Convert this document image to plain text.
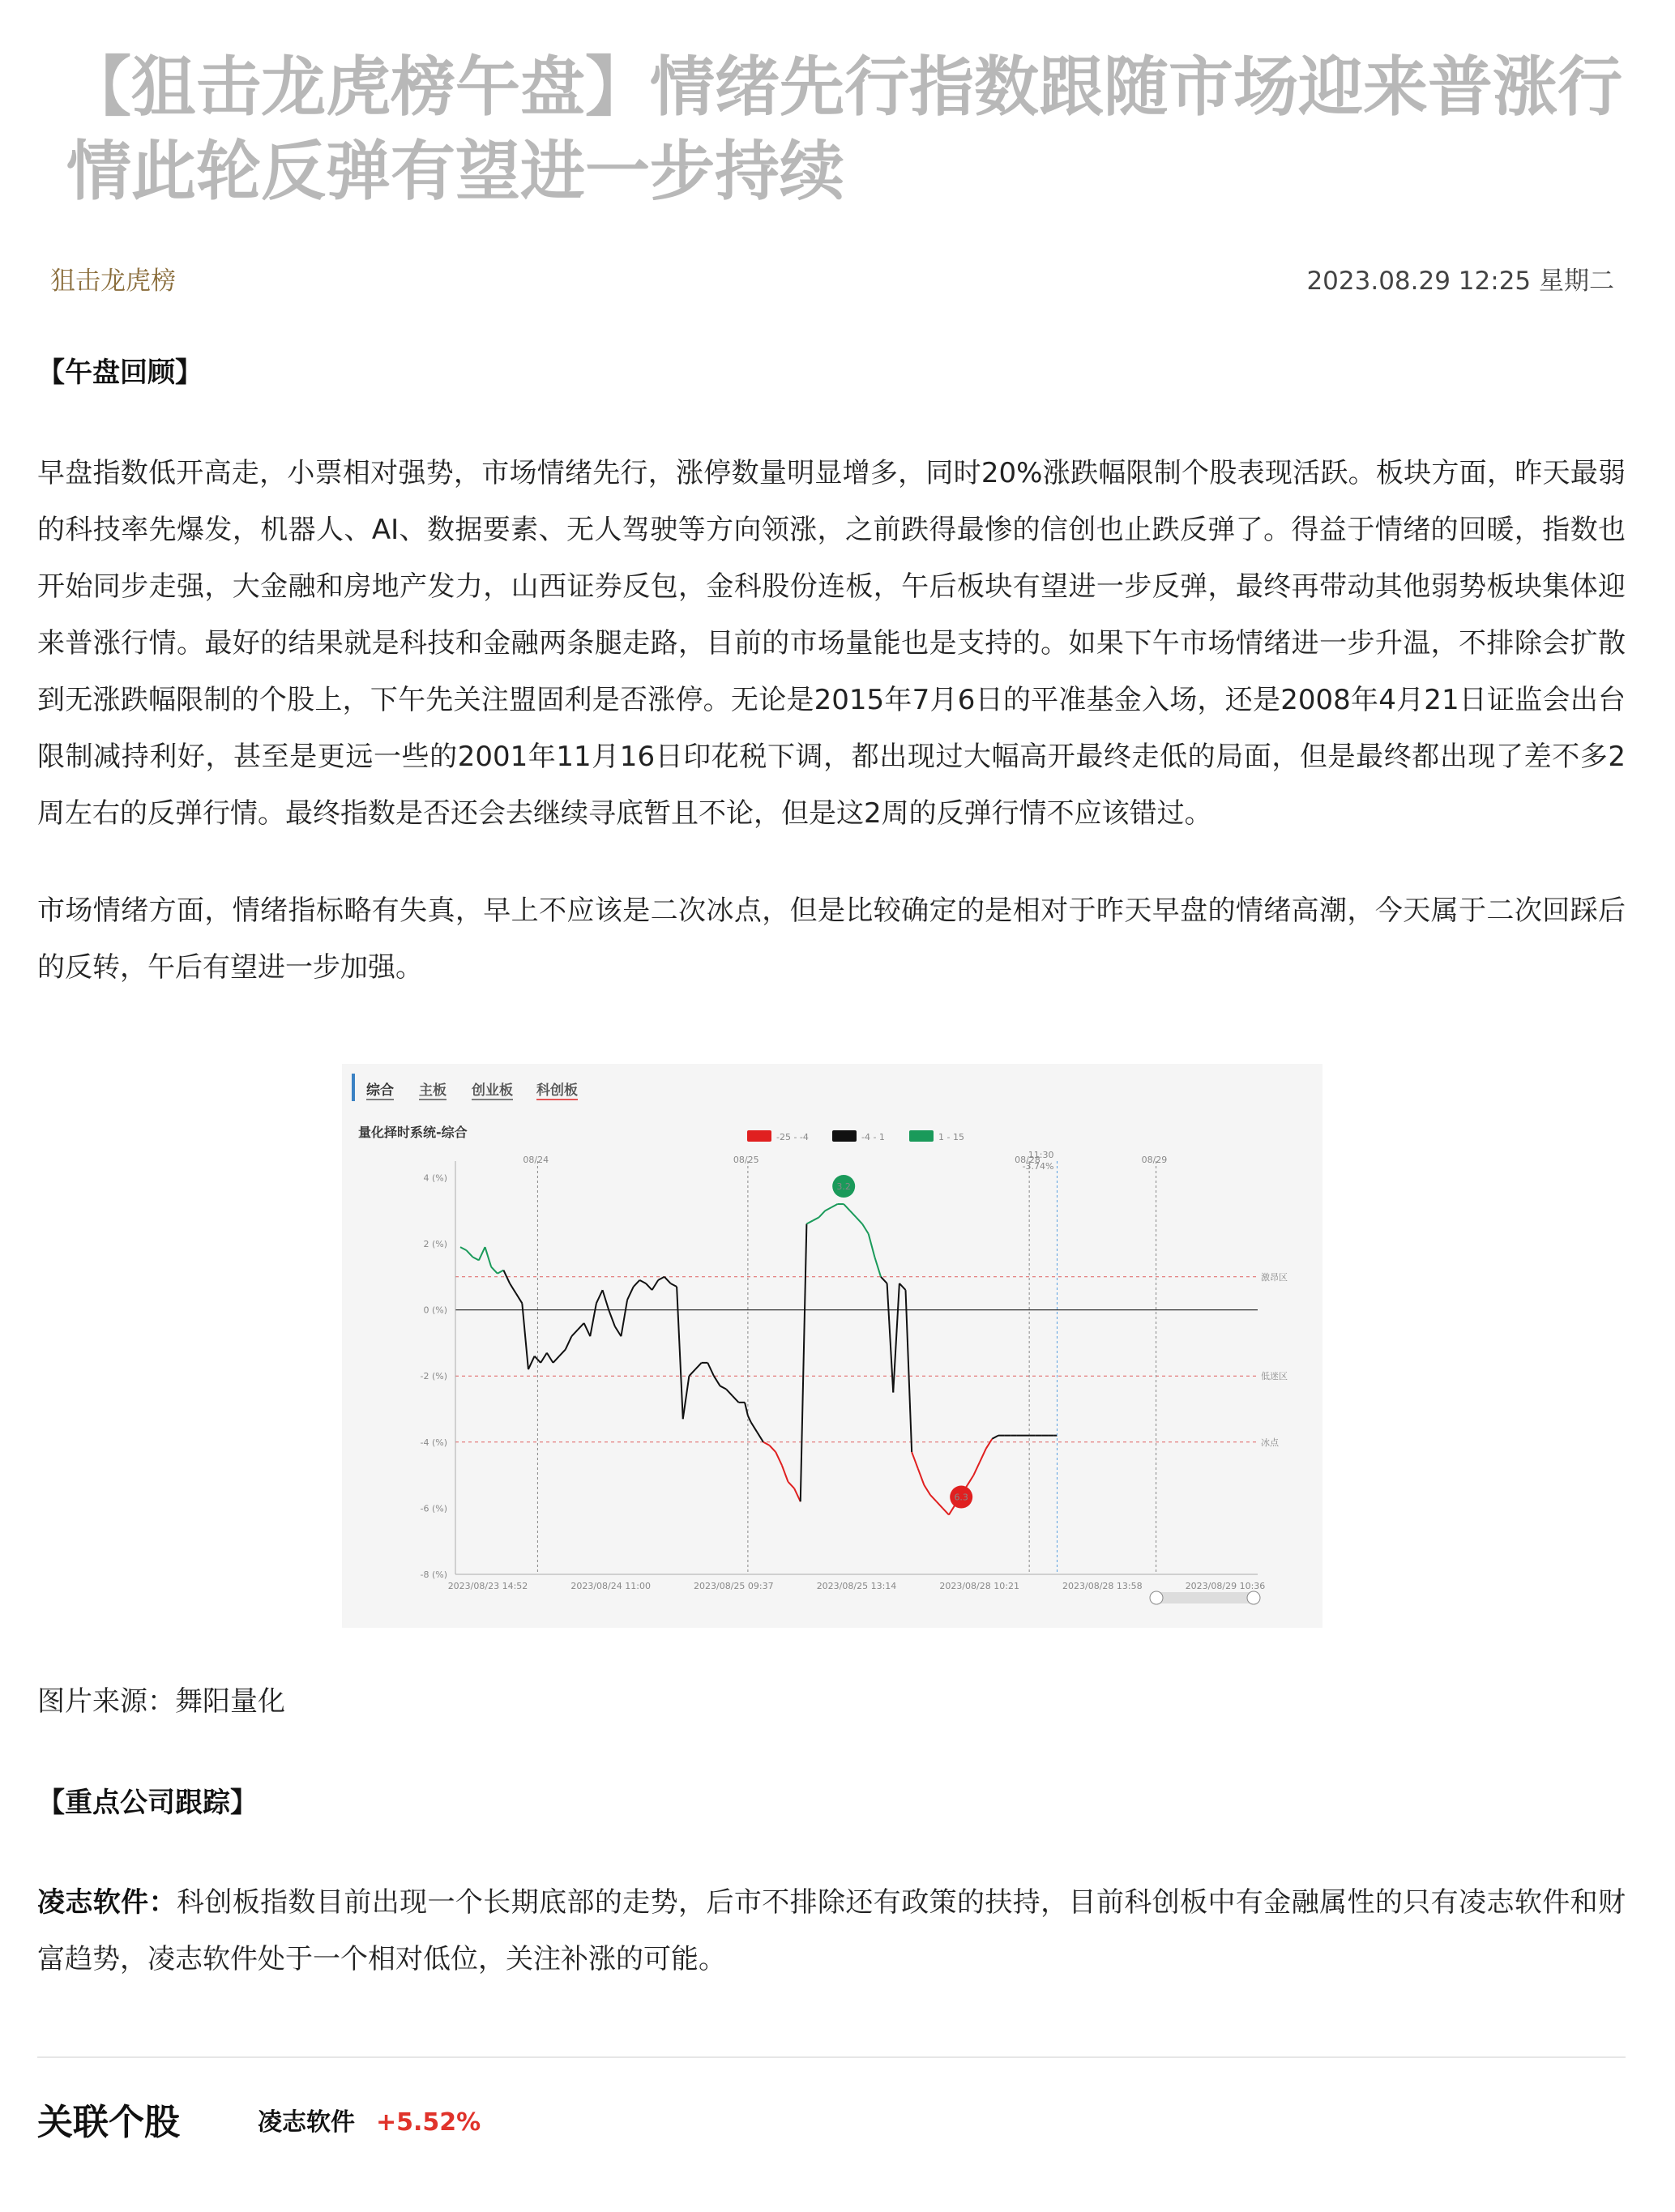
【狙击龙虎榜午盘】情绪先行指数跟随市场迎来普涨行情此轮反弹有望进一步持续
狙击龙虎榜	2023.08.29 12:25 星期二
【午盘回顾】

早盘指数低开高走，小票相对强势，市场情绪先行，涨停数量明显增多，同时20%涨跌幅限制个股表现活跃。板块方面，昨天最弱的科技率先爆发，机器人、AI、数据要素、无人驾驶等方向领涨，之前跌得最惨的信创也止跌反弹了。得益于情绪的回暖，指数也开始同步走强，大金融和房地产发力，山西证券反包，金科股份连板，午后板块有望进一步反弹，最终再带动其他弱势板块集体迎来普涨行情。最好的结果就是科技和金融两条腿走路，目前的市场量能也是支持的。如果下午市场情绪进一步升温，不排除会扩散到无涨跌幅限制的个股上，下午先关注盟固利是否涨停。无论是2015年7月6日的平准基金入场，还是2008年4月21日证监会出台限制减持利好，甚至是更远一些的2001年11月16日印花税下调，都出现过大幅高开最终走低的局面，但是最终都出现了差不多2周左右的反弹行情。最终指数是否还会去继续寻底暂且不论，但是这2周的反弹行情不应该错过。

市场情绪方面，情绪指标略有失真，早上不应该是二次冰点，但是比较确定的是相对于昨天早盘的情绪高潮，今天属于二次回踩后的反转，午后有望进一步加强。

综合 主板 创业板 科创板
量化择时系统-综合	-25 - -4	-4 - 1	1 - 15
4 (%)
2 (%)
0 (%)
-2 (%)
-4 (%)
-6 (%)
-8 (%)
激昂区
低迷区
冰点
08/24	08/25	08/28	08/29
2023/08/23 14:52	2023/08/24 11:00	2023/08/25 09:37	2023/08/25 13:14	2023/08/28 10:21	2023/08/28 13:58	2023/08/29 10:36
11:30
-3.74%
3.2
6.3

图片来源：舞阳量化

【重点公司跟踪】

凌志软件：科创板指数目前出现一个长期底部的走势，后市不排除还有政策的扶持，目前科创板中有金融属性的只有凌志软件和财富趋势，凌志软件处于一个相对低位，关注补涨的可能。

关联个股	凌志软件 +5.52%
